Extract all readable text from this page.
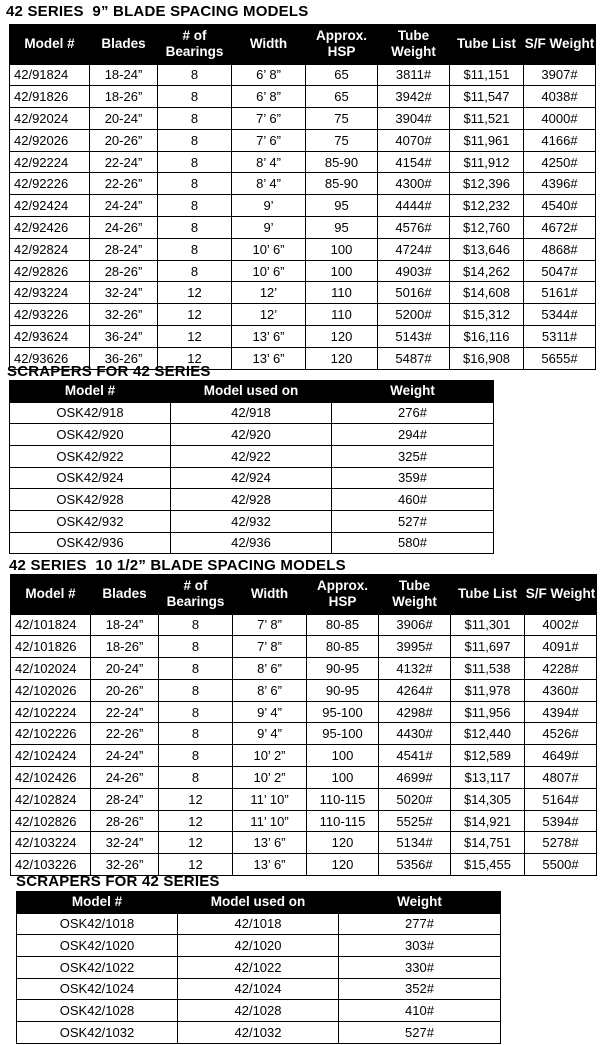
42 SERIES 9” BLADE SPACING MODELS
Model #	Blades	# of Bearings	Width	Approx. HSP	Tube Weight	Tube List	S/F Weight
42/91824	18-24”	8	6’ 8”	65	3811#	$11,151	3907#
42/91826	18-26”	8	6’ 8”	65	3942#	$11,547	4038#
42/92024	20-24”	8	7’ 6”	75	3904#	$11,521	4000#
42/92026	20-26”	8	7’ 6”	75	4070#	$11,961	4166#
42/92224	22-24”	8	8’ 4”	85-90	4154#	$11,912	4250#
42/92226	22-26”	8	8’ 4”	85-90	4300#	$12,396	4396#
42/92424	24-24”	8	9’	95	4444#	$12,232	4540#
42/92426	24-26”	8	9’	95	4576#	$12,760	4672#
42/92824	28-24”	8	10’ 6”	100	4724#	$13,646	4868#
42/92826	28-26”	8	10’ 6”	100	4903#	$14,262	5047#
42/93224	32-24”	12	12’	110	5016#	$14,608	5161#
42/93226	32-26”	12	12’	110	5200#	$15,312	5344#
42/93624	36-24”	12	13’ 6”	120	5143#	$16,116	5311#
42/93626	36-26”	12	13’ 6”	120	5487#	$16,908	5655#
SCRAPERS FOR 42 SERIES
Model #	Model used on	Weight
OSK42/918	42/918	276#
OSK42/920	42/920	294#
OSK42/922	42/922	325#
OSK42/924	42/924	359#
OSK42/928	42/928	460#
OSK42/932	42/932	527#
OSK42/936	42/936	580#
42 SERIES 10 1/2” BLADE SPACING MODELS
Model #	Blades	# of Bearings	Width	Approx. HSP	Tube Weight	Tube List	S/F Weight
42/101824	18-24”	8	7’ 8”	80-85	3906#	$11,301	4002#
42/101826	18-26”	8	7’ 8”	80-85	3995#	$11,697	4091#
42/102024	20-24”	8	8’ 6”	90-95	4132#	$11,538	4228#
42/102026	20-26”	8	8’ 6”	90-95	4264#	$11,978	4360#
42/102224	22-24”	8	9’ 4”	95-100	4298#	$11,956	4394#
42/102226	22-26”	8	9’ 4”	95-100	4430#	$12,440	4526#
42/102424	24-24”	8	10’ 2”	100	4541#	$12,589	4649#
42/102426	24-26”	8	10’ 2”	100	4699#	$13,117	4807#
42/102824	28-24”	12	11’ 10”	110-115	5020#	$14,305	5164#
42/102826	28-26”	12	11’ 10”	110-115	5525#	$14,921	5394#
42/103224	32-24”	12	13’ 6”	120	5134#	$14,751	5278#
42/103226	32-26”	12	13’ 6”	120	5356#	$15,455	5500#
SCRAPERS FOR 42 SERIES
Model #	Model used on	Weight
OSK42/1018	42/1018	277#
OSK42/1020	42/1020	303#
OSK42/1022	42/1022	330#
OSK42/1024	42/1024	352#
OSK42/1028	42/1028	410#
OSK42/1032	42/1032	527#
